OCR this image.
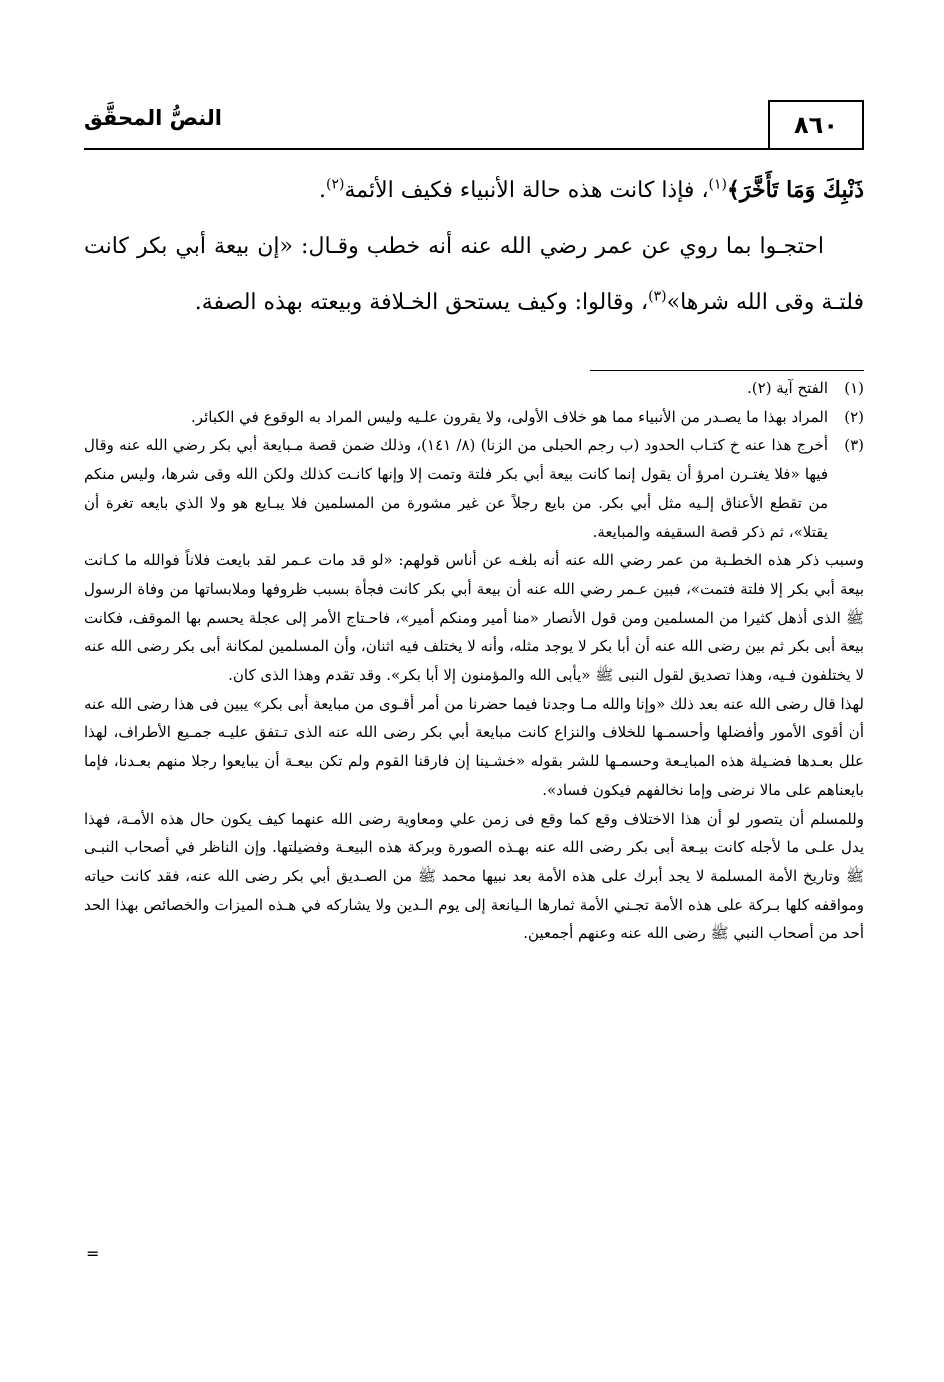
النصُّ المحقَّق	٨٦٠

ذَنْبِكَ وَمَا تَأَخَّرَ﴾$^{(١)}$، فإذا كانت هذه حالة الأنبياء فكيف الأئمة$^{(٢)}$.

احتجـوا بما روي عن عمر رضي الله عنه أنه خطب وقـال: «إن بيعة أبي بكر كانت فلتـة وقى الله شرها»$^{(٣)}$، وقالوا: وكيف يستحق الخـلافة وبيعته بهذه الصفة.

(١)الفتح آية (٢).

(٢)المراد بهذا ما يصـدر من الأنبياء مما هو خلاف الأولى، ولا يقرون علـيه وليس المراد به الوقوع في الكبائر.

(٣)أخرج هذا عنه خ كتـاب الحدود (ب رجم الحبلى من الزنا) (٨/ ١٤١)، وذلك ضمن قصة مـبايعة أبي بكر رضي الله عنه وقال فيها «فلا يغتـرن امرؤ أن يقول إنما كانت بيعة أبي بكر فلتة وتمت إلا وإنها كانـت كذلك ولكن الله وقى شرها، وليس منكم من تقطع الأعناق إلـيه مثل أبي بكر. من بايع رجلاً عن غير مشورة من المسلمين فلا يبـايع هو ولا الذي بايعه تغرة أن يقتلا»، ثم ذكر قصة السقيفه والمبايعة.

وسبب ذكر هذه الخطـبة من عمر رضي الله عنه أنه بلغـه عن أناس قولهم: «لو قد مات عـمر لقد بايعت فلاناً فوالله ما كـانت بيعة أبي بكر إلا فلتة فتمت»، فبين عـمر رضي الله عنه أن بيعة أبي بكر كانت فجأة بسبب ظروفها وملابساتها من وفاة الرسول ﷺ الذى أذهل كثيرا من المسلمين ومن قول الأنصار «منا أمير ومنكم أمير»، فاحـتاج الأمر إلى عجلة يحسم بها الموقف، فكانت بيعة أبى بكر ثم بين رضى الله عنه أن أبا بكر لا يوجد مثله، وأنه لا يختلف فيه اثنان، وأن المسلمين لمكانة أبى بكر رضى الله عنه لا يختلفون فـيه، وهذا تصديق لقول النبى ﷺ «يأبى الله والمؤمنون إلا أبا بكر». وقد تقدم وهذا الذى كان.

لهذا قال رضى الله عنه بعد ذلك «وإنا والله مـا وجدنا فيما حضرنا من أمر أقـوى من مبايعة أبى بكر» يبين فى هذا رضى الله عنه أن أقوى الأمور وأفضلها وأحسمـها للخلاف والنزاع كانت مبايعة أبي بكر رضى الله عنه الذى تـتفق عليـه جمـيع الأطراف، لهذا علل بعـدها فضـيلة هذه المبايـعة وحسمـها للشر بقوله «خشـينا إن فارقنا القوم ولم تكن بيعـة أن يبايعوا رجلا منهم بعـدنا، فإما بايعناهم على مالا نرضى وإما نخالفهم فيكون فساد».

وللمسلم أن يتصور لو أن هذا الاختلاف وقع كما وقع فى زمن علي ومعاوية رضى الله عنهما كيف يكون حال هذه الأمـة، فهذا يدل علـى ما لأجله كانت بيـعة أبى بكر رضى الله عنه بهـذه الصورة وبركة هذه البيعـة وفضيلتها. وإن الناظر في أصحاب النبـى ﷺ وتاريخ الأمة المسلمة لا يجد أبرك على هذه الأمة بعد نبيها محمد ﷺ من الصـديق أبي بكر رضى الله عنه، فقد كانت حياته ومواقفه كلها بـركة على هذه الأمة تجـني الأمة ثمارها الـيانعة إلى يوم الـدين ولا يشاركه في هـذه الميزات والخصائص بهذا الحد أحد من أصحاب النبي ﷺ رضى الله عنه وعنهم أجمعين.

=
